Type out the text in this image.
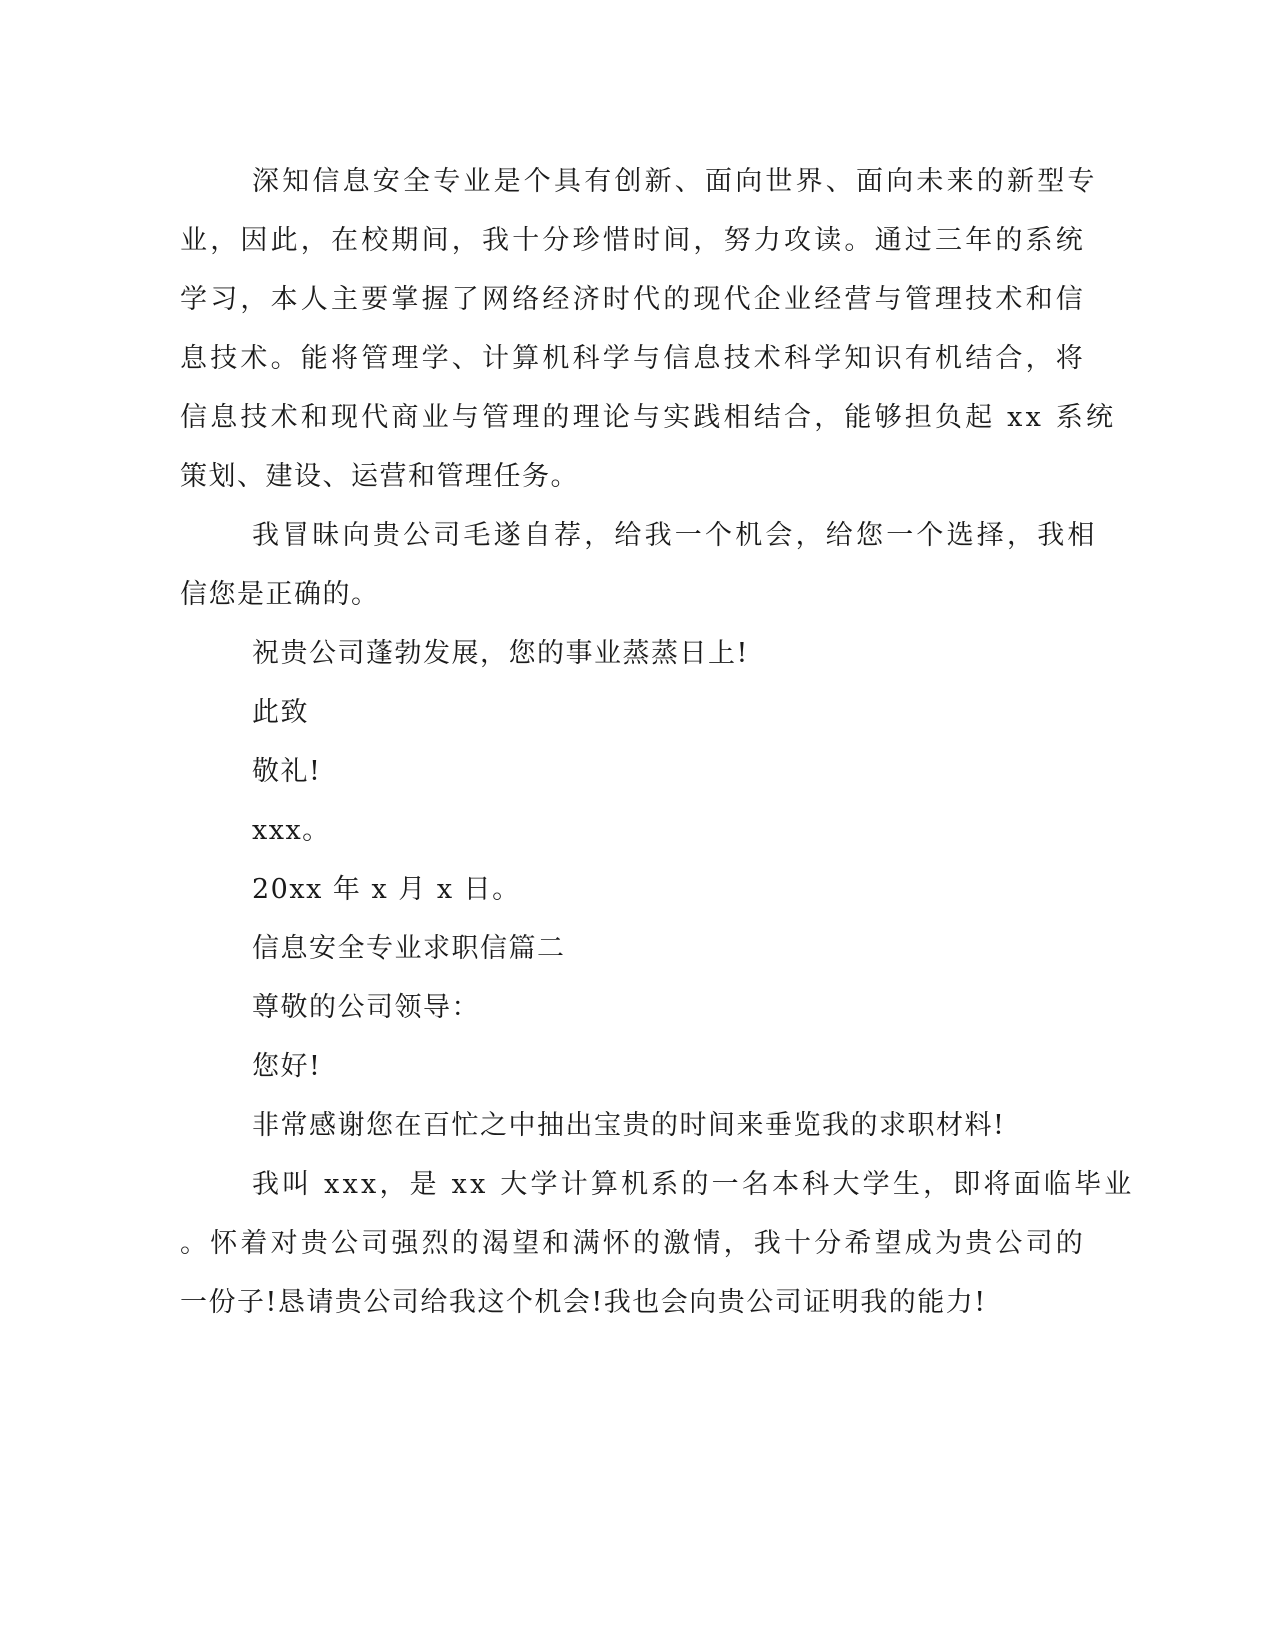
深知信息安全专业是个具有创新、面向世界、面向未来的新型专
业，因此，在校期间，我十分珍惜时间，努力攻读。通过三年的系统
学习，本人主要掌握了网络经济时代的现代企业经营与管理技术和信
息技术。能将管理学、计算机科学与信息技术科学知识有机结合，将
信息技术和现代商业与管理的理论与实践相结合，能够担负起 xx 系统
策划、建设、运营和管理任务。
我冒昧向贵公司毛遂自荐，给我一个机会，给您一个选择，我相
信您是正确的。
祝贵公司蓬勃发展，您的事业蒸蒸日上!
此致
敬礼!
xxx。
20xx 年 x 月 x 日。
信息安全专业求职信篇二
尊敬的公司领导：
您好!
非常感谢您在百忙之中抽出宝贵的时间来垂览我的求职材料!
我叫 xxx，是 xx 大学计算机系的一名本科大学生，即将面临毕业
。怀着对贵公司强烈的渴望和满怀的激情，我十分希望成为贵公司的
一份子!恳请贵公司给我这个机会!我也会向贵公司证明我的能力!
